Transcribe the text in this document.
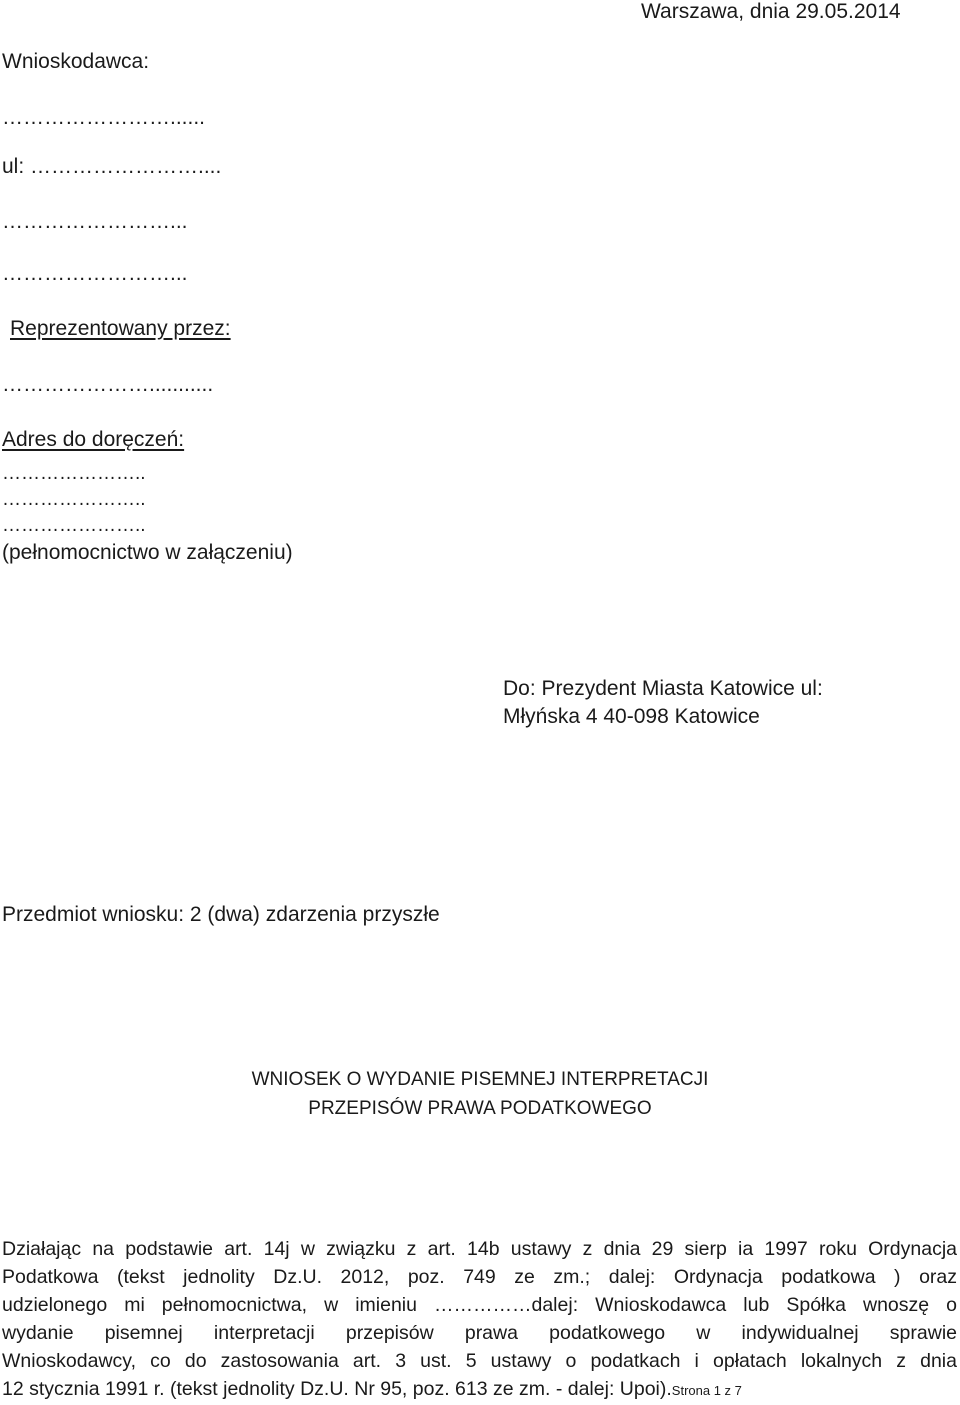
Warszawa, dnia 29.05.2014
Wnioskodawca:
……………………......
ul: ……………………....
……………………...
……………………...
Reprezentowany przez:
…………………...........
Adres do doręczeń:
…………………..
…………………..
…………………..
(pełnomocnictwo w załączeniu)
Do: Prezydent Miasta Katowice ul:
Młyńska 4 40-098 Katowice
Przedmiot wniosku: 2 (dwa) zdarzenia przyszłe
WNIOSEK O WYDANIE PISEMNEJ INTERPRETACJI
PRZEPISÓW PRAWA PODATKOWEGO
Działając na podstawie art. 14j w związku z art. 14b ustawy z dnia 29 sierp ia 1997 roku Ordynacja
Podatkowa (tekst jednolity Dz.U. 2012, poz. 749 ze zm.; dalej: Ordynacja podatkowa ) oraz
udzielonego mi pełnomocnictwa, w imieniu ……………dalej: Wnioskodawca lub Spółka wnoszę o
wydanie pisemnej interpretacji przepisów prawa podatkowego w indywidualnej sprawie
Wnioskodawcy, co do zastosowania art. 3 ust. 5 ustawy o podatkach i opłatach lokalnych z dnia
12 stycznia 1991 r. (tekst jednolity Dz.U. Nr 95, poz. 613 ze zm. - dalej: Upoi).Strona 1 z 7
